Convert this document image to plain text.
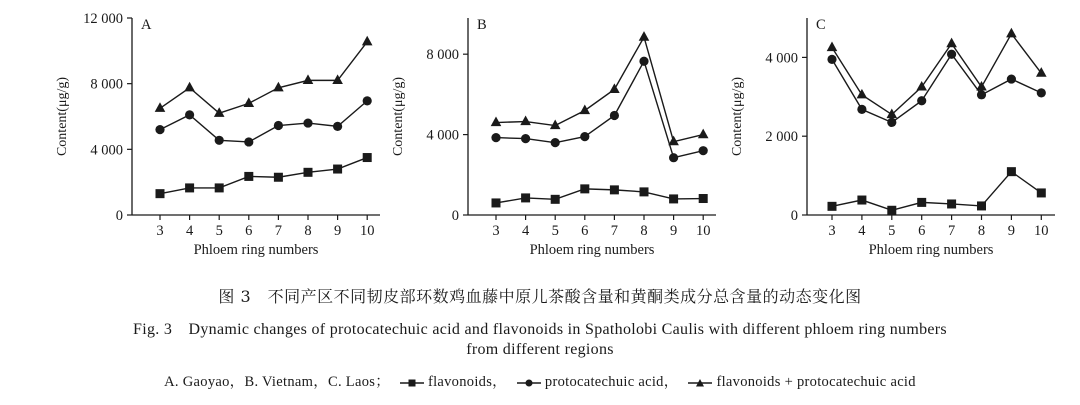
0
4 000
8 000
12 000
3 4 5 6 7 8 9 10
Phloem ring numbers
Content(μg/g)
A
0
4 000
8 000
3 4 5 6 7 8 9 10
Phloem ring numbers
Content(μg/g)
B
0
2 000
4 000
3 4 5 6 7 8 9 10
Phloem ring numbers
Content(μg/g)
C
图 3　不同产区不同韧皮部环数鸡血藤中原儿茶酸含量和黄酮类成分总含量的动态变化图
Fig. 3　Dynamic changes of protocatechuic acid and flavonoids in Spatholobi Caulis with different phloem ring numbers
from different regions
A. Gaoyao，B. Vietnam，C. Laos；	flavonoids，	protocatechuic acid，	flavonoids + protocatechuic acid
